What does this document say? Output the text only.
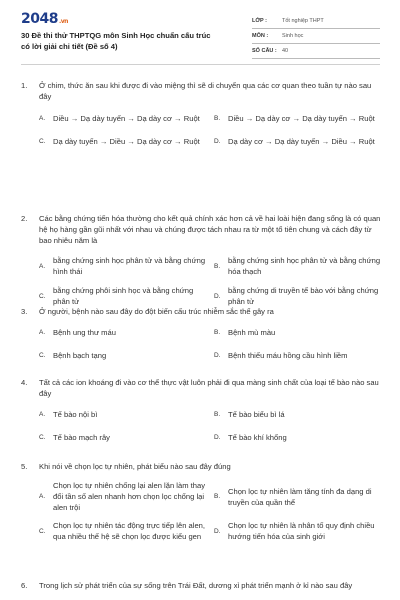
2048.vn
30 Đề thi thử THPTQG môn Sinh Học chuẩn cấu trúc có lời giải chi tiết (Đề số 4)
LỚP :	Tốt nghiệp THPT
MÔN :	Sinh học
SỐ CÂU : 40
1.	Ở chim, thức ăn sau khi được đi vào miệng thì sẽ di chuyển qua các cơ quan theo tuần tự nào sau đây
A.	Diều → Dạ dày tuyến → Dạ dày cơ → Ruột	B.	Diều → Dạ dày cơ → Dạ dày tuyến → Ruột
C. Dạ dày tuyến → Diều → Dạ dày cơ → Ruột	D. Dạ dày cơ → Dạ dày tuyến → Diều → Ruột
2.	Các bằng chứng tiến hóa thường cho kết quả chính xác hơn cả về hai loài hiện đang sống là có quan hệ họ hàng gần gũi nhất với nhau và chúng được tách nhau ra từ một tổ tiên chung và cách đây từ bao nhiêu năm là
A.
bằng chứng sinh học phân tử và bằng chứng hình thái
B.
bằng chứng sinh học phân tử và bằng chứng hóa thạch
C.
bằng chứng phôi sinh học và bằng chứng phân tử
D.
bằng chứng di truyền tế bào với bằng chứng phân tử
3.	Ở người, bệnh nào sau đây do đột biến cấu trúc nhiễm sắc thể gây ra
A.	Bệnh ung thư máu	B.	Bệnh mù màu
C. Bệnh bạch tạng	D. Bệnh thiếu máu hồng cầu hình liềm
4.	Tất cả các ion khoáng đi vào cơ thể thực vật luôn phải đi qua màng sinh chất của loại tế bào nào sau đây
A.	Tế bào nội bì	B.	Tế bào biểu bì lá
C. Tế bào mạch rây	D. Tế bào khí khổng
5.	Khi nói về chọn lọc tự nhiên, phát biểu nào sau đây đúng
A.
Chọn lọc tự nhiên chống lại alen lặn làm thay đổi tần số alen nhanh hơn chọn lọc chống lại alen trội
B.
Chọn lọc tự nhiên làm tăng tính đa dạng di truyền của quần thể
C.
Chọn lọc tự nhiên tác động trực tiếp lên alen, qua nhiều thế hệ sẽ chọn lọc được kiểu gen
D.
Chọn lọc tự nhiên là nhân tố quy định chiều hướng tiến hóa của sinh giới
6.	Trong lịch sử phát triển của sự sống trên Trái Đất, dương xỉ phát triển mạnh ở kỉ nào sau đây
